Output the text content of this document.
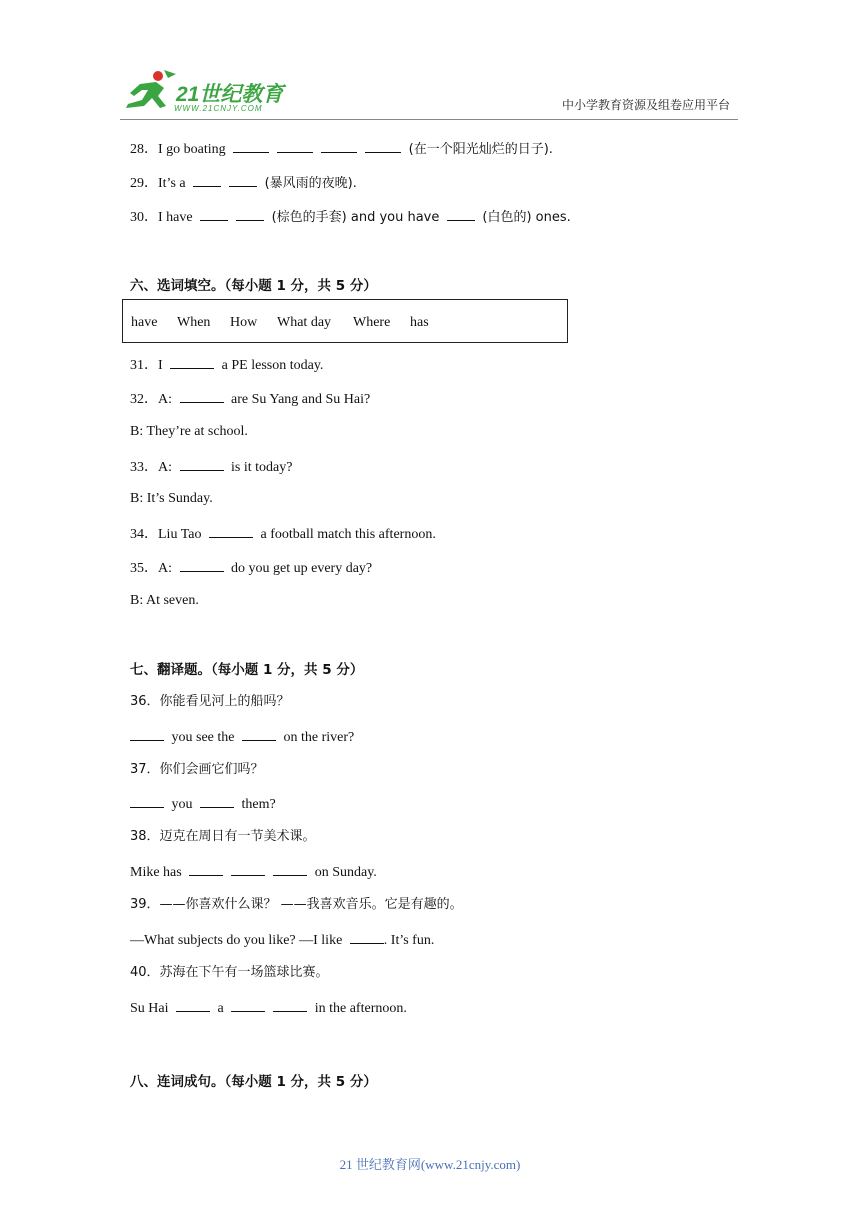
21世纪教育
WWW.21CNJY.COM	中小学教育资源及组卷应用平台
28．I go boating	(在一个阳光灿烂的日子).
29．It’s a	(暴风雨的夜晚).
30．I have	(棕色的手套) and you have	(白色的) ones.
六、选词填空。（每小题 1 分，共 5 分）
have When How What day Where has
31．I	a PE lesson today.
32．A:	are Su Yang and Su Hai?
B: They’re at school.
33．A:	is it today?
B: It’s Sunday.
34．Liu Tao	a football match this afternoon.
35．A:	do you get up every day?
B: At seven.
七、翻译题。（每小题 1 分，共 5 分）
36．你能看见河上的船吗？
you see the	on the river?
37．你们会画它们吗？
you	them?
38．迈克在周日有一节美术课。
Mike has	on Sunday.
39．——你喜欢什么课？ ——我喜欢音乐。它是有趣的。
—What subjects do you like? —I like	. It’s fun.
40．苏海在下午有一场篮球比赛。
Su Hai	a	in the afternoon.
八、连词成句。（每小题 1 分，共 5 分）
21 世纪教育网(www.21cnjy.com)
